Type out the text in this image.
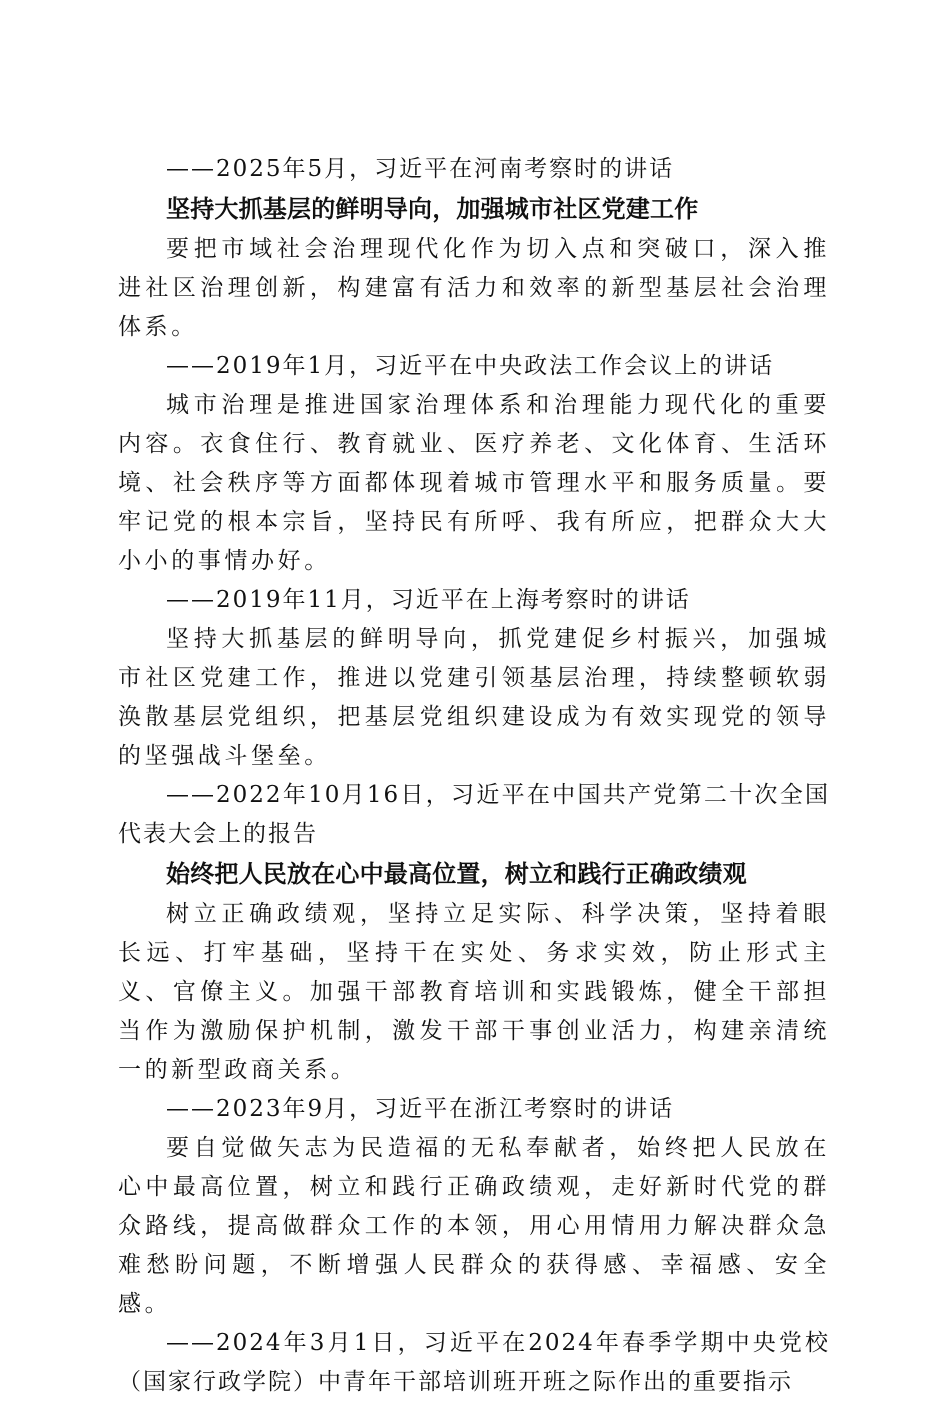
——2025年5月，习近平在河南考察时的讲话

坚持大抓基层的鲜明导向，加强城市社区党建工作

要把市域社会治理现代化作为切入点和突破口，深入推进社区治理创新，构建富有活力和效率的新型基层社会治理体系。

——2019年1月，习近平在中央政法工作会议上的讲话

城市治理是推进国家治理体系和治理能力现代化的重要内容。衣食住行、教育就业、医疗养老、文化体育、生活环境、社会秩序等方面都体现着城市管理水平和服务质量。要牢记党的根本宗旨，坚持民有所呼、我有所应，把群众大大小小的事情办好。

——2019年11月，习近平在上海考察时的讲话

坚持大抓基层的鲜明导向，抓党建促乡村振兴，加强城市社区党建工作，推进以党建引领基层治理，持续整顿软弱涣散基层党组织，把基层党组织建设成为有效实现党的领导的坚强战斗堡垒。

——2022年10月16日，习近平在中国共产党第二十次全国代表大会上的报告

始终把人民放在心中最高位置，树立和践行正确政绩观

树立正确政绩观，坚持立足实际、科学决策，坚持着眼长远、打牢基础，坚持干在实处、务求实效，防止形式主义、官僚主义。加强干部教育培训和实践锻炼，健全干部担当作为激励保护机制，激发干部干事创业活力，构建亲清统一的新型政商关系。

——2023年9月，习近平在浙江考察时的讲话

要自觉做矢志为民造福的无私奉献者，始终把人民放在心中最高位置，树立和践行正确政绩观，走好新时代党的群众路线，提高做群众工作的本领，用心用情用力解决群众急难愁盼问题，不断增强人民群众的获得感、幸福感、安全感。

——2024年3月1日，习近平在2024年春季学期中央党校（国家行政学院）中青年干部培训班开班之际作出的重要指示
